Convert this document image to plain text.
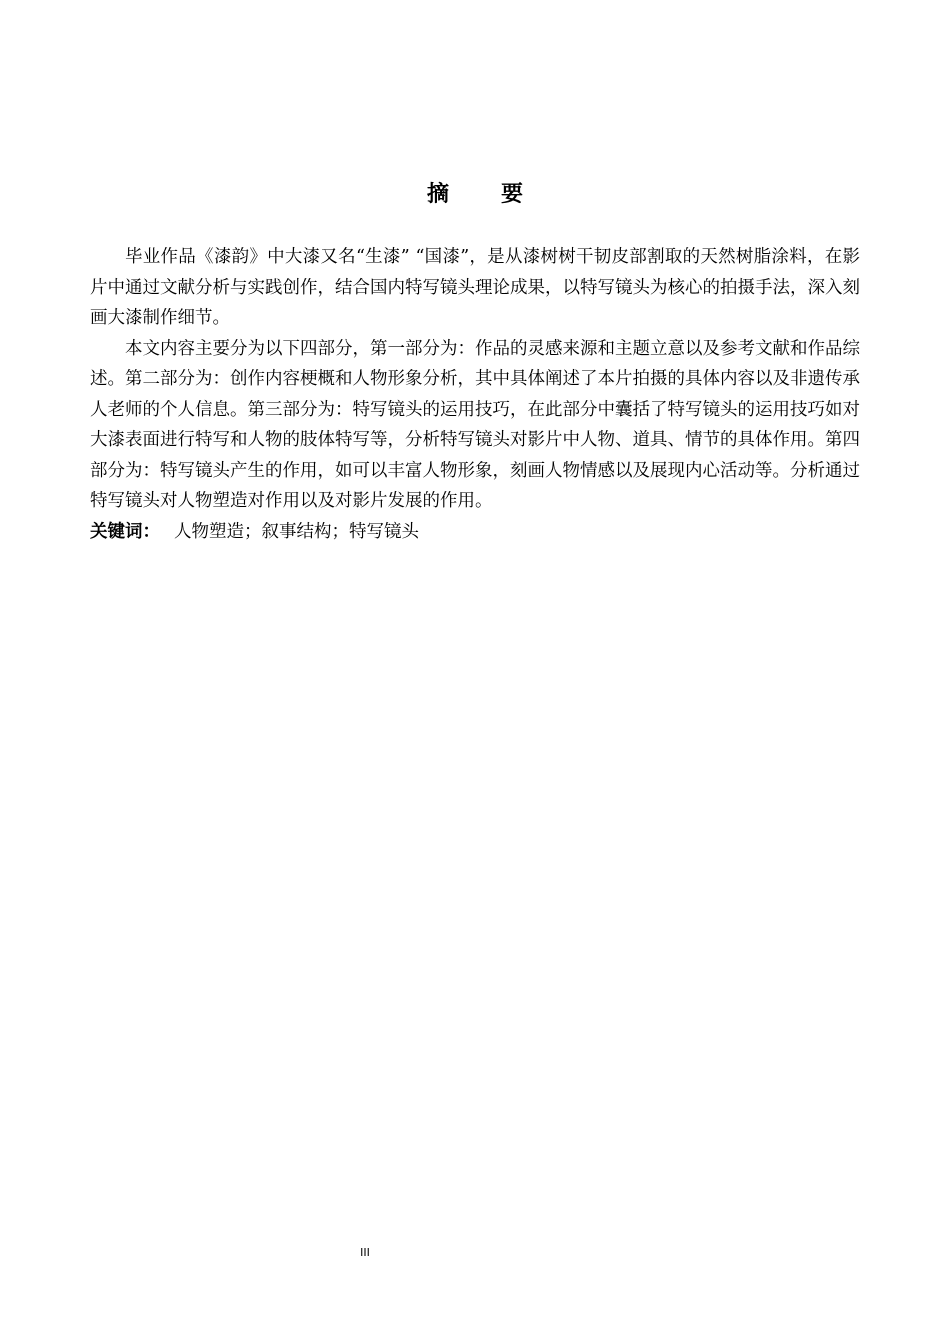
摘要

毕业作品《漆韵》中大漆又名“生漆” “国漆”，是从漆树树干韧皮部割取的天然树脂涂料，在影片中通过文献分析与实践创作，结合国内特写镜头理论成果，以特写镜头为核心的拍摄手法，深入刻画大漆制作细节。

本文内容主要分为以下四部分，第一部分为：作品的灵感来源和主题立意以及参考文献和作品综述。第二部分为：创作内容梗概和人物形象分析，其中具体阐述了本片拍摄的具体内容以及非遗传承人老师的个人信息。第三部分为：特写镜头的运用技巧，在此部分中囊括了特写镜头的运用技巧如对大漆表面进行特写和人物的肢体特写等，分析特写镜头对影片中人物、道具、情节的具体作用。第四部分为：特写镜头产生的作用，如可以丰富人物形象，刻画人物情感以及展现内心活动等。分析通过特写镜头对人物塑造对作用以及对影片发展的作用。

关键词： 人物塑造；叙事结构；特写镜头

III
